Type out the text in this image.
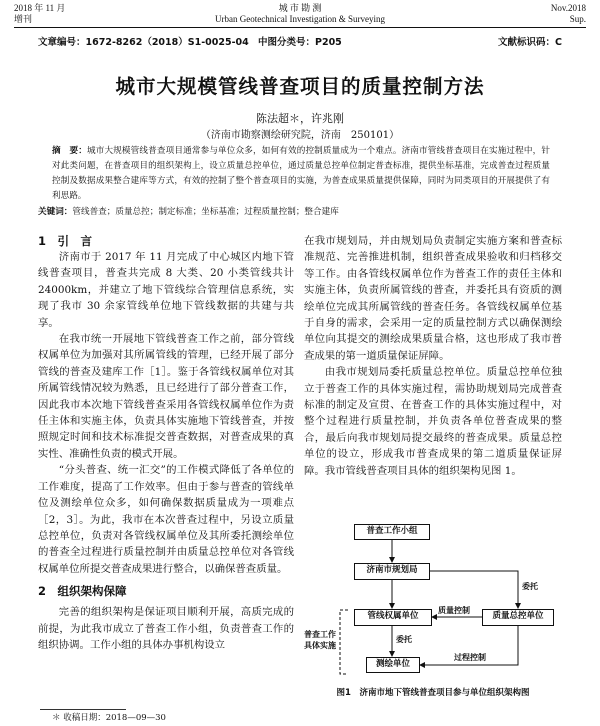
2018 年 11 月
增刊
城 市 勘 测
Urban Geotechnical Investigation & Surveying
Nov.2018
Sup.
文章编号：1672-8262（2018）S1-0025-04 中图分类号：P205	文献标识码：C
城市大规模管线普查项目的质量控制方法
陈法超＊，许兆刚
（济南市勘察测绘研究院，济南　250101）
摘　要：城市大规模管线普查项目通常参与单位众多，如何有效的控制质量成为一个难点。济南市管线普查项目在实施过程中，针对此类问题，在普查项目的组织架构上，设立质量总控单位，通过质量总控单位制定普查标准，提供坐标基准，完成普查过程质量控制及数据成果整合建库等方式，有效的控制了整个普查项目的实施，为普查成果质量提供保障，同时为同类项目的开展提供了有利思路。
关键词：管线普查；质量总控；制定标准；坐标基准；过程质量控制；整合建库
1　引　言

济南市于 2017 年 11 月完成了中心城区内地下管线普查项目，普查共完成 8 大类、20 小类管线共计 24000km，并建立了地下管线综合管理信息系统，实现了我市 30 余家管线单位地下管线数据的共建与共享。

在我市统一开展地下管线普查工作之前，部分管线权属单位为加强对其所属管线的管理，已经开展了部分管线的普查及建库工作［1］。鉴于各管线权属单位对其所属管线情况较为熟悉，且已经进行了部分普查工作，因此我市本次地下管线普查采用各管线权属单位作为责任主体和实施主体，负责具体实施地下管线普查，并按照规定时间和技术标准提交普查数据，对普查成果的真实性、准确性负责的模式开展。

“分头普查、统一汇交”的工作模式降低了各单位的工作难度，提高了工作效率。但由于参与普查的管线单位及测绘单位众多，如何确保数据质量成为一项难点［2，3］。为此，我市在本次普查过程中，另设立质量总控单位，负责对各管线权属单位及其所委托测绘单位的普查全过程进行质量控制并由质量总控单位对各管线权属单位所提交普查成果进行整合，以确保普查质量。

2　组织架构保障

完善的组织架构是保证项目顺利开展，高质完成的前提，为此我市成立了普查工作小组，负责普查工作的组织协调。工作小组的具体办事机构设立

在我市规划局，并由规划局负责制定实施方案和普查标准规范、完善推进机制，组织普查成果验收和归档移交等工作。由各管线权属单位作为普查工作的责任主体和实施主体，负责所属管线的普查，并委托具有资质的测绘单位完成其所属管线的普查任务。各管线权属单位基于自身的需求，会采用一定的质量控制方式以确保测绘单位向其提交的测绘成果质量合格，这也形成了我市普查成果的第一道质量保证屏障。

由我市规划局委托质量总控单位。质量总控单位独立于普查工作的具体实施过程，需协助规划局完成普查标准的制定及宣贯、在普查工作的具体实施过程中，对整个过程进行质量控制，并负责各单位普查成果的整合，最后向我市规划局提交最终的普查成果。质量总控单位的设立，形成我市普查成果的第二道质量保证屏障。我市管线普查项目具体的组织架构见图 1。

普查工作小组
济南市规划局
管线权属单位	质量总控单位
测绘单位
委托
委托
质量控制
过程控制
普查工作
具体实施
图1　济南市地下管线普查项目参与单位组织架构图
＊ 收稿日期：2018—09—30
